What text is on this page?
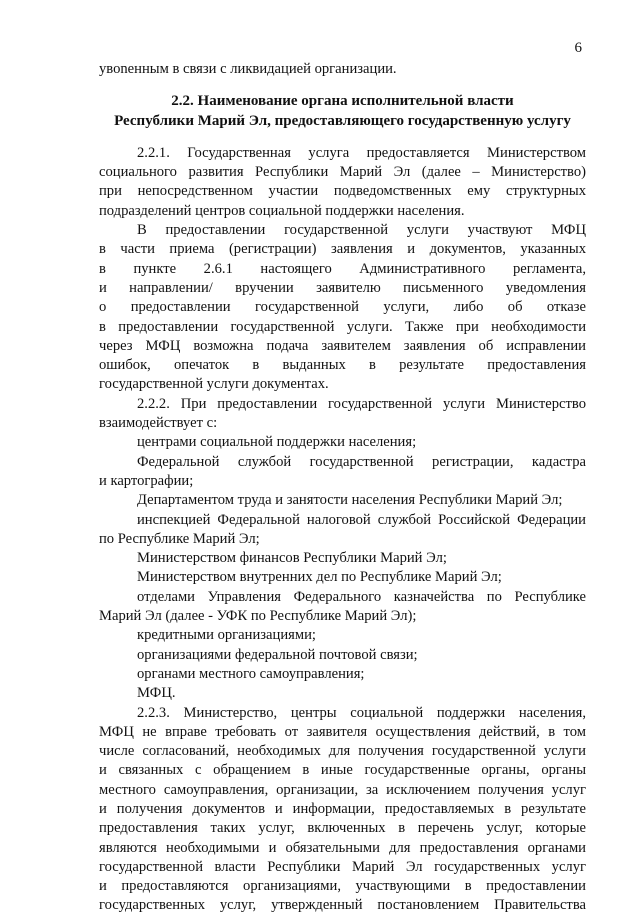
6
увоnенным в связи с ликвидацией организации.
2.2. Наименование органа исполнительной власти
Республики Марий Эл, предоставляющего государственную услугу
2.2.1. Государственная услуга предоставляется Министерством
социального развития Республики Марий Эл (далее – Министерство)
при непосредственном участии подведомственных ему структурных
подразделений центров социальной поддержки населения.
В предоставлении государственной услуги участвуют МФЦ
в части приема (регистрации) заявления и документов, указанных
в пункте 2.6.1 настоящего Административного регламента,
и направлении/ вручении заявителю письменного уведомления
о предоставлении государственной услуги, либо об отказе
в предоставлении государственной услуги. Также при необходимости
через МФЦ возможна подача заявителем заявления об исправлении
ошибок, опечаток в выданных в результате предоставления
государственной услуги документах.
2.2.2. При предоставлении государственной услуги Министерство
взаимодействует с:
центрами социальной поддержки населения;
Федеральной службой государственной регистрации, кадастра
и картографии;
Департаментом труда и занятости населения Республики Марий Эл;
инспекцией Федеральной налоговой службой Российской Федерации
по Республике Марий Эл;
Министерством финансов Республики Марий Эл;
Министерством внутренних дел по Республике Марий Эл;
отделами Управления Федерального казначейства по Республике
Марий Эл (далее - УФК по Республике Марий Эл);
кредитными организациями;
организациями федеральной почтовой связи;
органами местного самоуправления;
МФЦ.
2.2.3. Министерство, центры социальной поддержки населения,
МФЦ не вправе требовать от заявителя осуществления действий, в том
числе согласований, необходимых для получения государственной услуги
и связанных с обращением в иные государственные органы, органы
местного самоуправления, организации, за исключением получения услуг
и получения документов и информации, предоставляемых в результате
предоставления таких услуг, включенных в перечень услуг, которые
являются необходимыми и обязательными для предоставления органами
государственной власти Республики Марий Эл государственных услуг
и предоставляются организациями, участвующими в предоставлении
государственных услуг, утвержденный постановлением Правительства
